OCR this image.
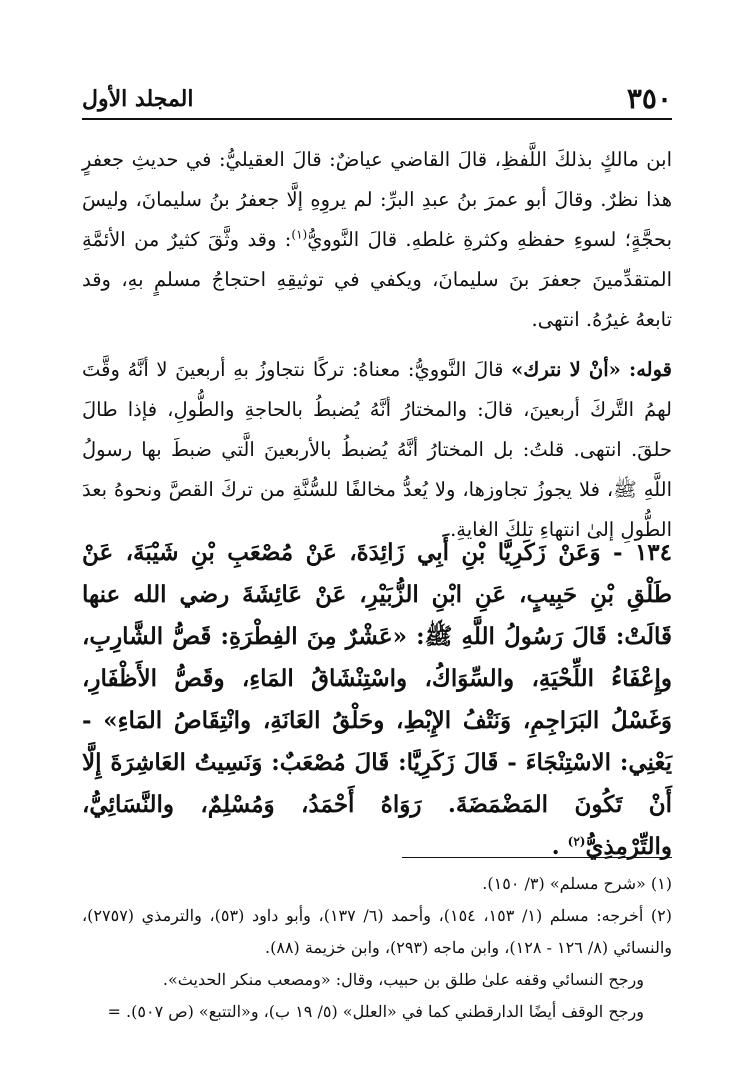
٣٥٠
المجلد الأول

ابن مالكٍ بذلكَ اللَّفظِ، قالَ القاضي عياضٌ: قالَ العقيليُّ: في حديثِ جعفرٍ هذا نظرٌ. وقالَ أبو عمرَ بنُ عبدِ البرِّ: لم يروِهِ إلَّا جعفرُ بنُ سليمانَ، وليسَ بحجَّةٍ؛ لسوءِ حفظهِ وكثرةِ غلطهِ. قالَ النَّوويُّ$^{(١)}$: وقد وثَّقَ كثيرٌ من الأئمَّةِ المتقدِّمينَ جعفرَ بنَ سليمانَ، ويكفي في توثيقِهِ احتجاجُ مسلمٍ بهِ، وقد تابعهُ غيرُهُ. انتهى.

قوله: «أنْ لا نترك» قالَ النَّوويُّ: معناهُ: تركًا نتجاوزُ بهِ أربعينَ لا أنَّهُ وقَّتَ لهمُ التَّركَ أربعينَ، قالَ: والمختارُ أنَّهُ يُضبطُ بالحاجةِ والطُّولِ، فإذا طالَ حلقَ. انتهى. قلتُ: بل المختارُ أنَّهُ يُضبطُ بالأربعينَ الَّتي ضبطَ بها رسولُ اللَّهِ ﷺ، فلا يجوزُ تجاوزها، ولا يُعدُّ مخالفًا للسُّنَّةِ من تركَ القصَّ ونحوهُ بعدَ الطُّولِ إلىٰ انتهاءِ تلكَ الغايةِ.

١٣٤ - وَعَنْ زَكَرِيَّا بْنِ أَبِي زَائِدَةَ، عَنْ مُصْعَبِ بْنِ شَيْبَةَ، عَنْ طَلْقِ بْنِ حَبِيبٍ، عَنِ ابْنِ الزُّبَيْرِ، عَنْ عَائِشَةَ رضي الله عنها قَالَتْ: قَالَ رَسُولُ اللَّهِ ﷺ: «عَشْرٌ مِنَ الفِطْرَةِ: قَصُّ الشَّارِبِ، وإِعْفَاءُ اللِّحْيَةِ، والسِّوَاكُ، واسْتِنْشَاقُ المَاءِ، وقَصُّ الأَظْفَارِ، وَغَسْلُ البَرَاجِمِ، وَنَتْفُ الإِبْطِ، وحَلْقُ العَانَةِ، وانْتِقَاصُ المَاءِ» - يَعْنِي: الاسْتِنْجَاءَ - قَالَ زَكَرِيَّا: قَالَ مُصْعَبٌ: وَنَسِيتُ العَاشِرَةَ إِلَّا أَنْ تَكُونَ المَضْمَضَةَ. رَوَاهُ أَحْمَدُ، وَمُسْلِمٌ، والنَّسَائِيُّ، والتِّرْمِذِيُّ$^{(٢)}$ .

(١) «شرح مسلم» (٣/ ١٥٠).

(٢) أخرجه: مسلم (١/ ١٥٣، ١٥٤)، وأحمد (٦/ ١٣٧)، وأبو داود (٥٣)، والترمذي (٢٧٥٧)، والنسائي (٨/ ١٢٦ - ١٢٨)، وابن ماجه (٢٩٣)، وابن خزيمة (٨٨).

ورجح النسائي وقفه علىٰ طلق بن حبيب، وقال: «ومصعب منكر الحديث».

ورجح الوقف أيضًا الدارقطني كما في «العلل» (٥/ ١٩ ب)، و«التتبع» (ص ٥٠٧). =
